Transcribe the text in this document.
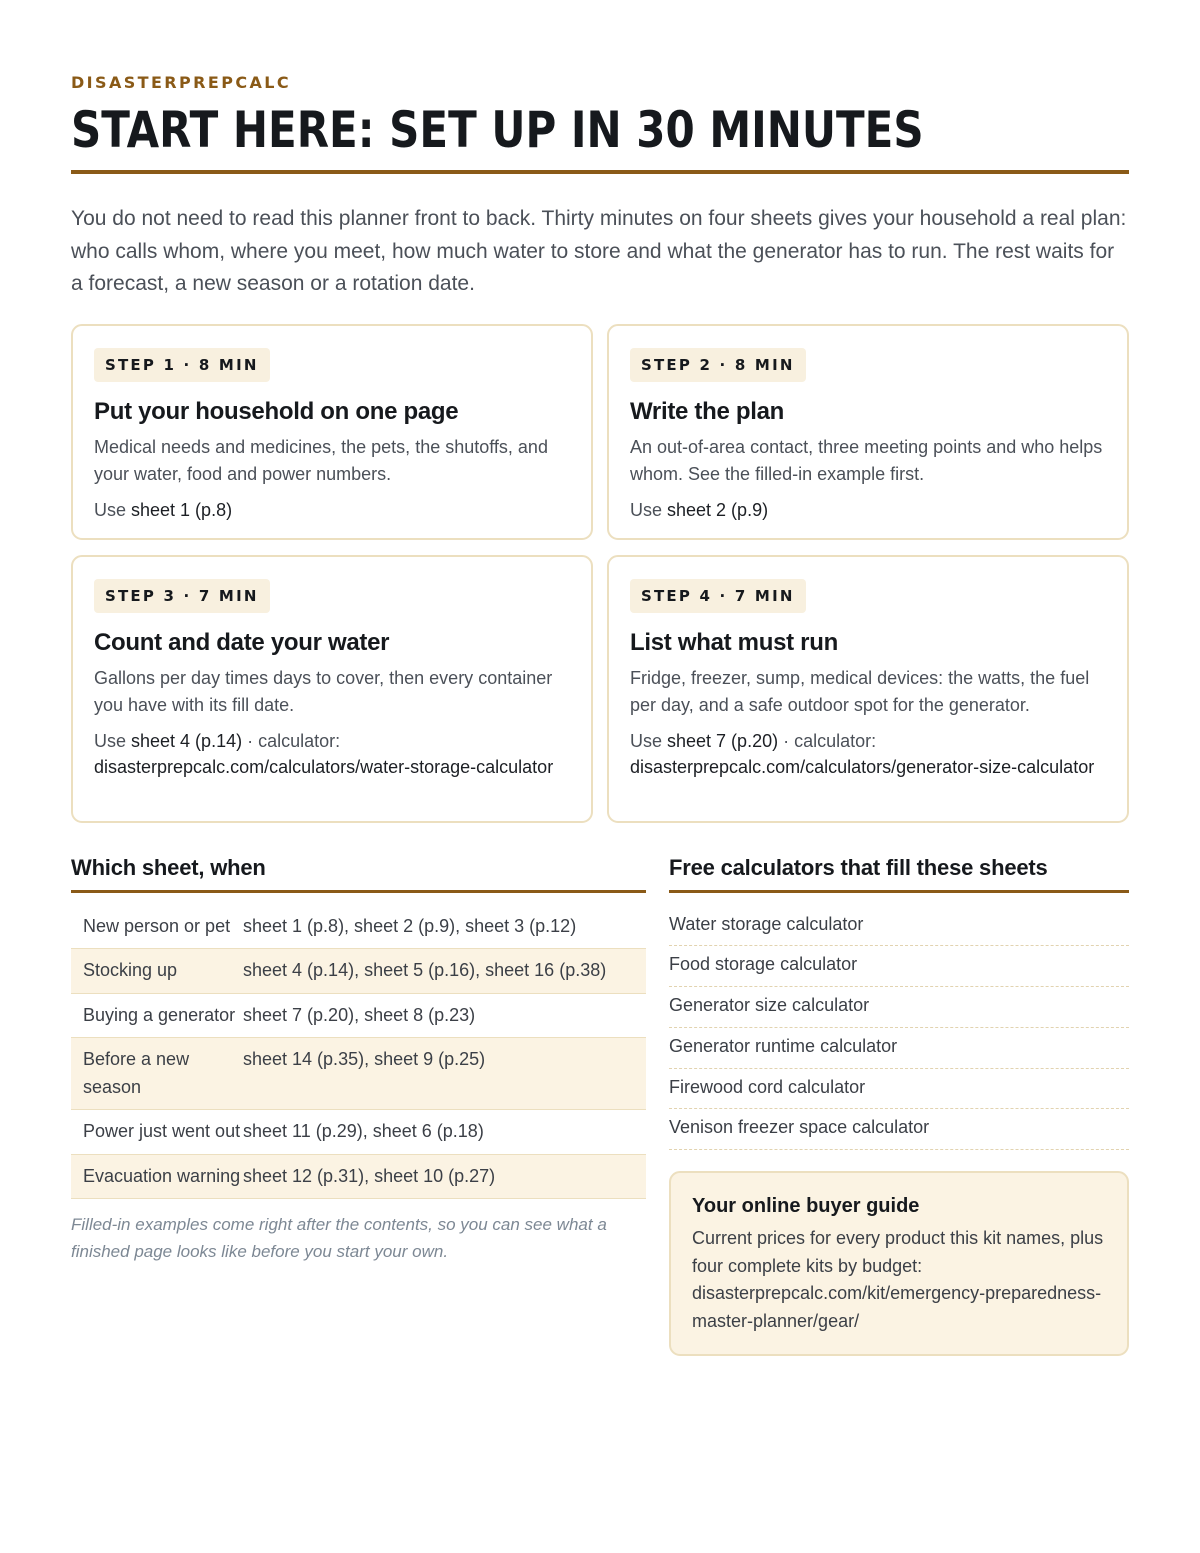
DISASTERPREPCALC
START HERE: SET UP IN 30 MINUTES

You do not need to read this planner front to back. Thirty minutes on four sheets gives your household a real plan: who calls whom, where you meet, how much water to store and what the generator has to run. The rest waits for a forecast, a new season or a rotation date.

STEP 1 · 8 MIN
Put your household on one page
Medical needs and medicines, the pets, the shutoffs, and your water, food and power numbers.
Use sheet 1 (p.8)
STEP 2 · 8 MIN
Write the plan
An out-of-area contact, three meeting points and who helps whom. See the filled-in example first.
Use sheet 2 (p.9)
STEP 3 · 7 MIN
Count and date your water
Gallons per day times days to cover, then every container you have with its fill date.
Use sheet 4 (p.14) · calculator:
disasterprepcalc.com/calculators/water-storage-calculator
STEP 4 · 7 MIN
List what must run
Fridge, freezer, sump, medical devices: the watts, the fuel per day, and a safe outdoor spot for the generator.
Use sheet 7 (p.20) · calculator:
disasterprepcalc.com/calculators/generator-size-calculator
Which sheet, when
New person or pet sheet 1 (p.8), sheet 2 (p.9), sheet 3 (p.12)
Stocking up	sheet 4 (p.14), sheet 5 (p.16), sheet 16 (p.38)
Buying a generator sheet 7 (p.20), sheet 8 (p.23)
Before a new season
sheet 14 (p.35), sheet 9 (p.25)
Power just went out sheet 11 (p.29), sheet 6 (p.18)
Evacuation warning sheet 12 (p.31), sheet 10 (p.27)

Filled-in examples come right after the contents, so you can see what a finished page looks like before you start your own.

Free calculators that fill these sheets
Water storage calculator
Food storage calculator
Generator size calculator
Generator runtime calculator
Firewood cord calculator
Venison freezer space calculator
Your online buyer guide
Current prices for every product this kit names, plus four complete kits by budget: disasterprepcalc.com/kit/emergency-preparedness-master-planner/gear/
